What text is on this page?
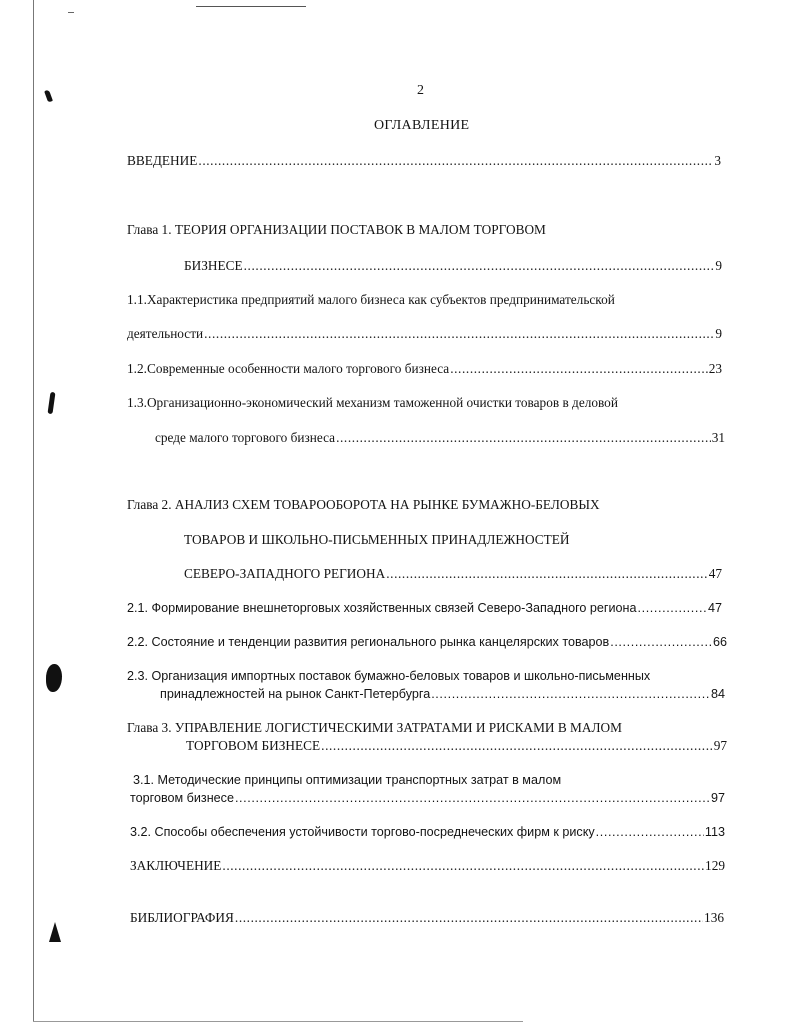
2
ОГЛАВЛЕНИЕ
ВВЕДЕНИЕ .....	3
Глава 1. ТЕОРИЯ ОРГАНИЗАЦИИ ПОСТАВОК В МАЛОМ ТОРГОВОМ
БИЗНЕСЕ .....	9
1.1.Характеристика предприятий малого бизнеса как субъектов предпринимательской
деятельности .....	9
1.2.Современные особенности малого торгового бизнеса .....	23
1.3.Организационно-экономический механизм таможенной очистки товаров в деловой
среде малого торгового бизнеса .....	31
Глава 2. АНАЛИЗ СХЕМ ТОВАРООБОРОТА НА РЫНКЕ БУМАЖНО-БЕЛОВЫХ
ТОВАРОВ И ШКОЛЬНО-ПИСЬМЕННЫХ ПРИНАДЛЕЖНОСТЕЙ
СЕВЕРО-ЗАПАДНОГО РЕГИОНА .....	47
2.1. Формирование внешнеторговых хозяйственных связей Северо-Западного региона .....	47
2.2. Состояние и тенденции развития регионального рынка канцелярских товаров .....	66
2.3. Организация импортных поставок бумажно-беловых товаров и школьно-письменных
принадлежностей на рынок Санкт-Петербурга .....	84
Глава 3. УПРАВЛЕНИЕ ЛОГИСТИЧЕСКИМИ ЗАТРАТАМИ И РИСКАМИ В МАЛОМ
ТОРГОВОМ БИЗНЕСЕ .....	97
3.1. Методические принципы оптимизации транспортных затрат в малом
торговом бизнесе .....	97
3.2. Способы обеспечения устойчивости торгово-посреднеческих фирм к риску .....	113
ЗАКЛЮЧЕНИЕ .....	129
БИБЛИОГРАФИЯ .....	136
